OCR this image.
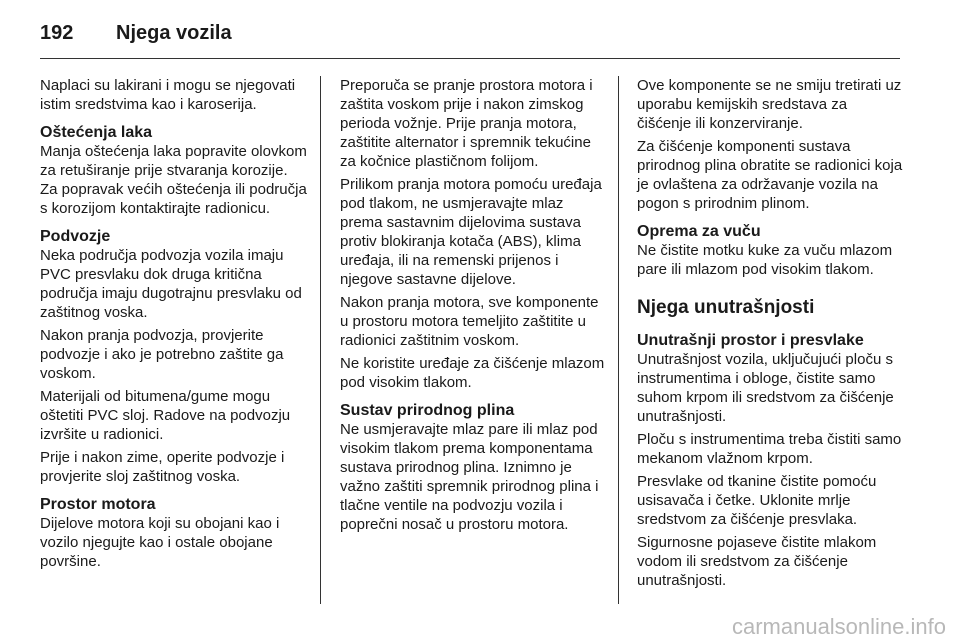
192 Njega vozila

Naplaci su lakirani i mogu se njegovati istim sredstvima kao i karoserija.

Oštećenja laka

Manja oštećenja laka popravite olovkom za retuširanje prije stvaranja korozije. Za popravak većih oštećenja ili područja s korozijom kontaktirajte radionicu.

Podvozje

Neka područja podvozja vozila imaju PVC presvlaku dok druga kritična područja imaju dugotrajnu presvlaku od zaštitnog voska.

Nakon pranja podvozja, provjerite podvozje i ako je potrebno zaštite ga voskom.

Materijali od bitumena/gume mogu oštetiti PVC sloj. Radove na podvozju izvršite u radionici.

Prije i nakon zime, operite podvozje i provjerite sloj zaštitnog voska.

Prostor motora

Dijelove motora koji su obojani kao i vozilo njegujte kao i ostale obojane površine.

Preporuča se pranje prostora motora i zaštita voskom prije i nakon zimskog perioda vožnje. Prije pranja motora, zaštitite alternator i spremnik tekućine za kočnice plastičnom folijom.

Prilikom pranja motora pomoću uređaja pod tlakom, ne usmjeravajte mlaz prema sastavnim dijelovima sustava protiv blokiranja kotača (ABS), klima uređaja, ili na remenski prijenos i njegove sastavne dijelove.

Nakon pranja motora, sve komponente u prostoru motora temeljito zaštitite u radionici zaštitnim voskom.

Ne koristite uređaje za čišćenje mlazom pod visokim tlakom.

Sustav prirodnog plina

Ne usmjeravajte mlaz pare ili mlaz pod visokim tlakom prema komponentama sustava prirodnog plina. Iznimno je važno zaštiti spremnik prirodnog plina i tlačne ventile na podvozju vozila i poprečni nosač u prostoru motora.

Ove komponente se ne smiju tretirati uz uporabu kemijskih sredstava za čišćenje ili konzerviranje.

Za čišćenje komponenti sustava prirodnog plina obratite se radionici koja je ovlaštena za održavanje vozila na pogon s prirodnim plinom.

Oprema za vuču

Ne čistite motku kuke za vuču mlazom pare ili mlazom pod visokim tlakom.

Njega unutrašnjosti
Unutrašnji prostor i presvlake

Unutrašnjost vozila, uključujući ploču s instrumentima i obloge, čistite samo suhom krpom ili sredstvom za čišćenje unutrašnjosti.

Ploču s instrumentima treba čistiti samo mekanom vlažnom krpom.

Presvlake od tkanine čistite pomoću usisavača i četke. Uklonite mrlje sredstvom za čišćenje presvlaka.

Sigurnosne pojaseve čistite mlakom vodom ili sredstvom za čišćenje unutrašnjosti.

carmanualsonline.info
